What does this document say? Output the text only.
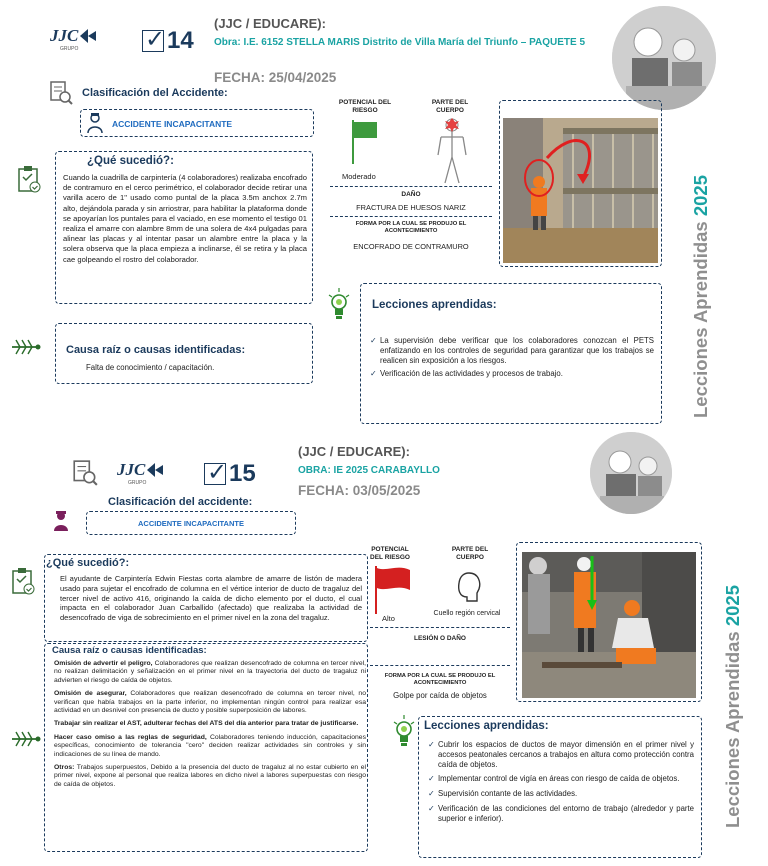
JJC
GRUPO ✓	14
(JJC / EDUCARE):
Obra: I.E. 6152 STELLA MARIS Distrito de Villa María del Triunfo – PAQUETE 5
FECHA: 25/04/2025
Clasificación del Accidente:
ACCIDENTE INCAPACITANTE
¿Qué sucedió?:
Cuando la cuadrilla de carpintería (4 colaboradores) realizaba encofrado de contramuro en el cerco perimétrico, el colaborador decide retirar una varilla acero de 1" usado como puntal de la placa 3.5m anchox 2.7m alto, dejándola parada y sin arriostrar, para habilitar la plataforma donde se apoyarían los puntales para el vaciado, en ese momento el testigo 01 realiza el amarre con alambre 8mm de una solera de 4x4 pulgadas para alinear las placas y al intentar pasar un alambre entre la placa y la solera observa que la placa empieza a inclinarse, él se retira y la placa cae golpeando el rostro del colaborador.
POTENCIAL DEL RIESGO
Moderado
PARTE DEL CUERPO
DAÑO
FRACTURA DE HUESOS NARIZ
FORMA POR LA CUAL SE PRODUJO EL ACONTECIMIENTO
ENCOFRADO DE CONTRAMURO
Causa raíz o causas identificadas:
Falta de conocimiento / capacitación.
Lecciones aprendidas:
✓ La supervisión debe verificar que los colaboradores conozcan el PETS enfatizando en los controles de seguridad para garantizar que los trabajos se realicen sin exposición a los riesgos.
✓ Verificación de las actividades y procesos de trabajo.	Lecciones Aprendidas 2025
JJC
GRUPO ✓	15
(JJC / EDUCARE):
OBRA: IE 2025 CARABAYLLO
FECHA: 03/05/2025
Clasificación del accidente:
ACCIDENTE INCAPACITANTE
¿Qué sucedió?:
El ayudante de Carpintería Edwin Fiestas corta alambre de amarre de listón de madera usado para sujetar el encofrado de columna en el vértice interior de ducto de tragaluz del tercer nivel de activo 416, originando la caída de dicho elemento por el ducto, el cual impacta en el colaborador Juan Carballido (afectado) que realizaba la actividad de desencofrado de viga de sobrecimiento en el primer nivel en la zona del tragaluz.
Causa raíz o causas identificadas:
Omisión de advertir el peligro, Colaboradores que realizan desencofrado de columna en tercer nivel, no realizan delimitación y señalización en el primer nivel en la trayectoria del ducto de tragaluz ni advierten el riesgo de caída de objetos.
Omisión de asegurar, Colaboradores que realizan desencofrado de columna en tercer nivel, no verifican que había trabajos en la parte inferior, no implementan ningún control para realizar esa actividad en un desnivel con presencia de ducto y posible superposición de labores.
Trabajar sin realizar el AST, adulterar fechas del ATS del día anterior para tratar de justificarse.
Hacer caso omiso a las reglas de seguridad, Colaboradores teniendo inducción, capacitaciones específicas, conocimiento de tolerancia "cero" deciden realizar actividades sin controles y sin indicaciones de su línea de mando.
Otros: Trabajos superpuestos, Debido a la presencia del ducto de tragaluz al no estar cubierto en el primer nivel, expone al personal que realiza labores en dicho nivel a labores superpuestas con riesgo de caída de objetos.
POTENCIAL DEL RIESGO
Alto
PARTE DEL CUERPO
Cuello región cervical
LESIÓN O DAÑO
FORMA POR LA CUAL SE PRODUJO EL ACONTECIMIENTO
Golpe por caída de objetos
Lecciones aprendidas:
✓ Cubrir los espacios de ductos de mayor dimensión en el primer nivel y accesos peatonales cercanos a trabajos en altura como protección contra caída de objetos.
✓ Implementar control de vigía en áreas con riesgo de caída de objetos.
✓ Supervisión contante de las actividades.
✓ Verificación de las condiciones del entorno de trabajo (alrededor y parte superior e inferior).	Lecciones Aprendidas 2025
